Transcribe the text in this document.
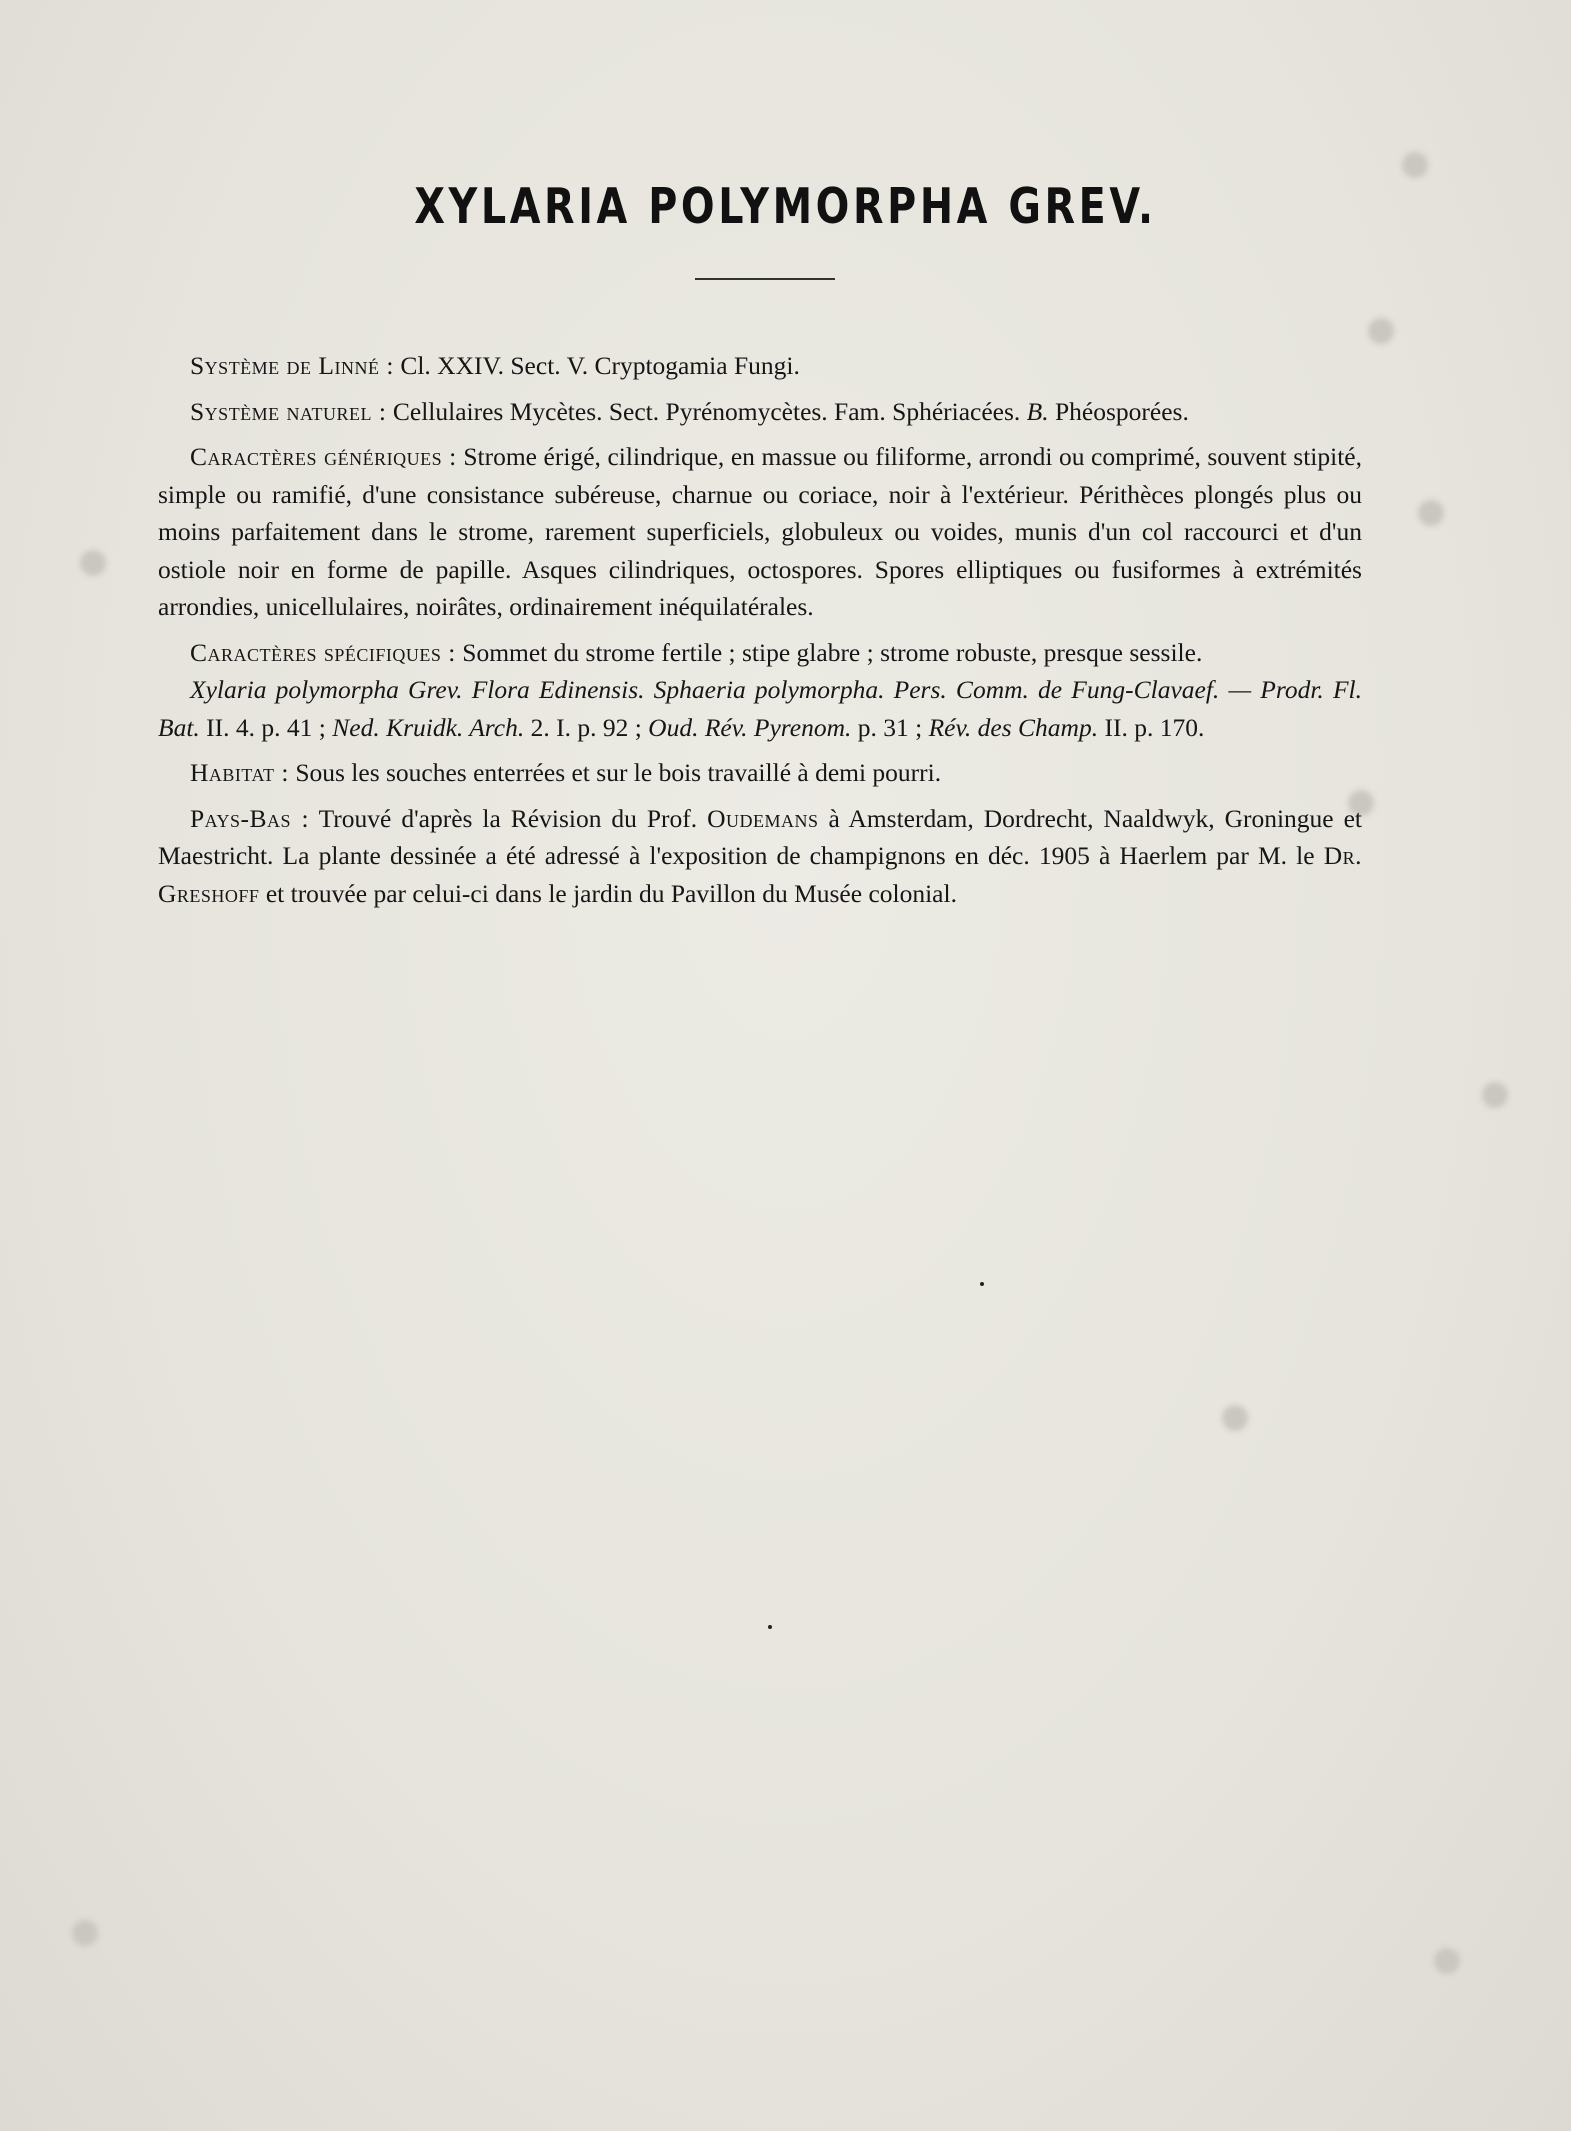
XYLARIA POLYMORPHA GREV.

Système de Linné : Cl. XXIV. Sect. V. Cryptogamia Fungi.

Système naturel : Cellulaires Mycètes. Sect. Pyrénomycètes. Fam. Sphériacées. B. Phéosporées.

Caractères génériques : Strome érigé, cilindrique, en massue ou filiforme, arrondi ou comprimé, souvent stipité, simple ou ramifié, d'une consistance subéreuse, charnue ou coriace, noir à l'extérieur. Périthèces plongés plus ou moins parfaitement dans le strome, rarement superficiels, globuleux ou voides, munis d'un col raccourci et d'un ostiole noir en forme de papille. Asques cilindriques, octospores. Spores elliptiques ou fusiformes à extrémités arrondies, unicellulaires, noirâtes, ordinairement inéquilatérales.

Caractères spécifiques : Sommet du strome fertile ; stipe glabre ; strome robuste, presque sessile.

Xylaria polymorpha Grev. Flora Edinensis. Sphaeria polymorpha. Pers. Comm. de Fung-Clavaef. — Prodr. Fl. Bat. II. 4. p. 41 ; Ned. Kruidk. Arch. 2. I. p. 92 ; Oud. Rév. Pyrenom. p. 31 ; Rév. des Champ. II. p. 170.

Habitat : Sous les souches enterrées et sur le bois travaillé à demi pourri.

Pays-Bas : Trouvé d'après la Révision du Prof. Oudemans à Amsterdam, Dordrecht, Naaldwyk, Groningue et Maestricht. La plante dessinée a été adressé à l'exposition de champignons en déc. 1905 à Haerlem par M. le Dr. Greshoff et trouvée par celui-ci dans le jardin du Pavillon du Musée colonial.
